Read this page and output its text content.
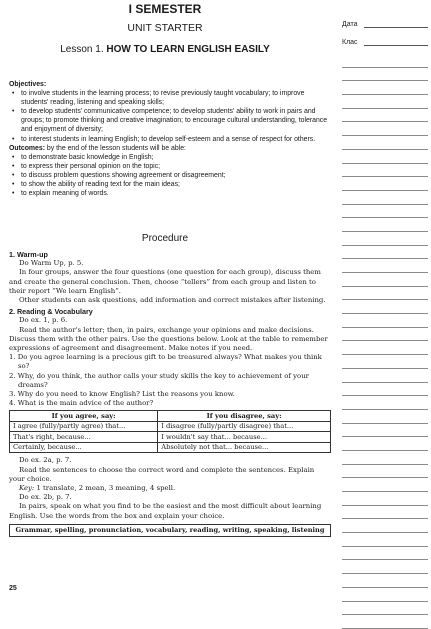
I SEMESTER
UNIT STARTER
Lesson 1. HOW TO LEARN ENGLISH EASILY
Дата
Клас
Objectives:
• to involve students in the learning process; to revise previously taught vocabulary; to improve students' reading, listening and speaking skills;
• to develop students' communicative competence; to develop students' ability to work in pairs and groups; to promote thinking and creative imagination; to encourage cultural understanding, tolerance and enjoyment of diversity;
• to interest students in learning English; to develop self-esteem and a sense of respect for others.
Outcomes: by the end of the lesson students will be able:
• to demonstrate basic knowledge in English;
• to express their personal opinion on the topic;
• to discuss problem questions showing agreement or disagreement;
• to show the ability of reading text for the main ideas;
• to explain meaning of words.
Procedure

1. Warm-up

Do Warm Up, p. 5.

In four groups, answer the four questions (one question for each group), discuss them and create the general conclusion. Then, choose “tellers” from each group and listen to their report “We learn English”.

Other students can ask questions, add information and correct mistakes after listening.

2. Reading & Vocabulary

Do ex. 1, p. 6.

Read the author's letter; then, in pairs, exchange your opinions and make decisions. Discuss them with the other pairs. Use the questions below. Look at the table to remember expressions of agreement and disagreement. Make notes if you need.

1. Do you agree learning is a precious gift to be treasured always? What makes you think so?

2. Why, do you think, the author calls your study skills the key to achievement of your dreams?

3. Why do you need to know English? List the reasons you know.

4. What is the main advice of the author?

If you agree, say:	If you disagree, say:
I agree (fully/partly agree) that...	I disagree (fully/partly disagree) that...
That's right, because...	I wouldn't say that... because...
Certainly, because...	Absolutely not that... because...

Do ex. 2a, p. 7.

Read the sentences to choose the correct word and complete the sentences. Explain your choice.

Key: 1 translate, 2 mean, 3 meaning, 4 spell.

Do ex. 2b, p. 7.

In pairs, speak on what you find to be the easiest and the most difficult about learning English. Use the words from the box and explain your choice.

Grammar, spelling, pronunciation, vocabulary, reading, writing, speaking, listening
25
